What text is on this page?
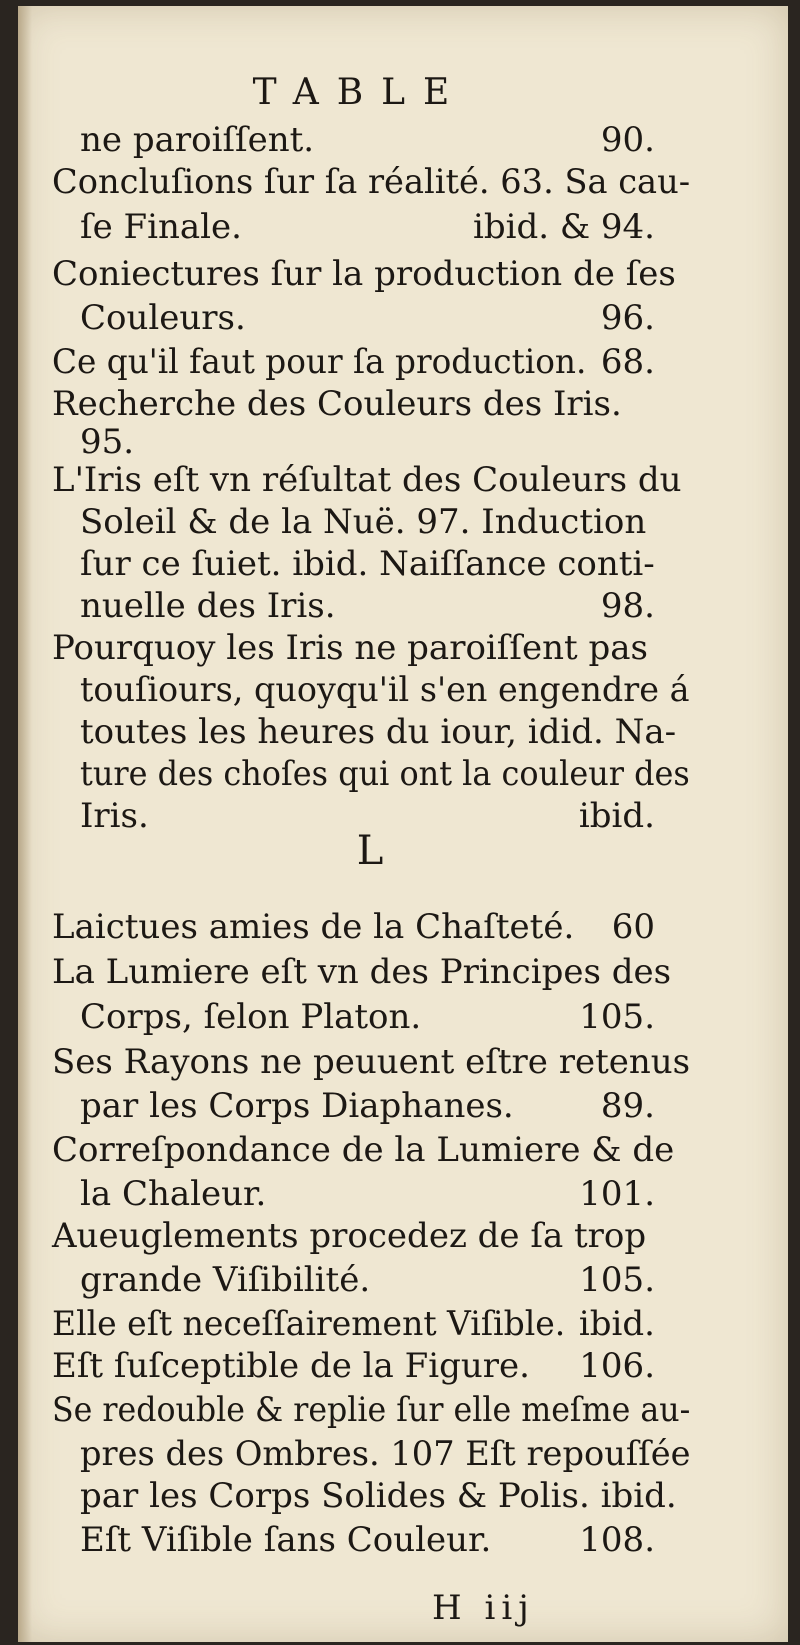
TABLE
ne paroiſſent.	90.
Concluſions ſur ſa réalité. 63. Sa cau-
ſe Finale.	ibid. & 94.
Coniectures ſur la production de ſes
Couleurs.	96.
Ce qu'il faut pour ſa production. 68.
Recherche des Couleurs des Iris.
95.
L'Iris eſt vn réſultat des Couleurs du
Soleil & de la Nuë. 97. Induction
ſur ce ſuiet. ibid. Naiſſance conti-
nuelle des Iris.	98.
Pourquoy les Iris ne paroiſſent pas
touſiours, quoyqu'il s'en engendre á
toutes les heures du iour, idid. Na-
ture des choſes qui ont la couleur des
Iris.	ibid.
L
Laictues amies de la Chaſteté. 60
La Lumiere eſt vn des Principes des
Corps, ſelon Platon.	105.
Ses Rayons ne peuuent eſtre retenus
par les Corps Diaphanes.	89.
Correſpondance de la Lumiere & de
la Chaleur.	101.
Aueuglements procedez de ſa trop
grande Viſibilité.	105.
Elle eſt neceſſairement Viſible. ibid.
Eſt ſuſceptible de la Figure. 106.
Se redouble & replie ſur elle meſme au-
pres des Ombres. 107 Eſt repouſſée
par les Corps Solides & Polis. ibid.
Eſt Viſible ſans Couleur.	108.
H iij
